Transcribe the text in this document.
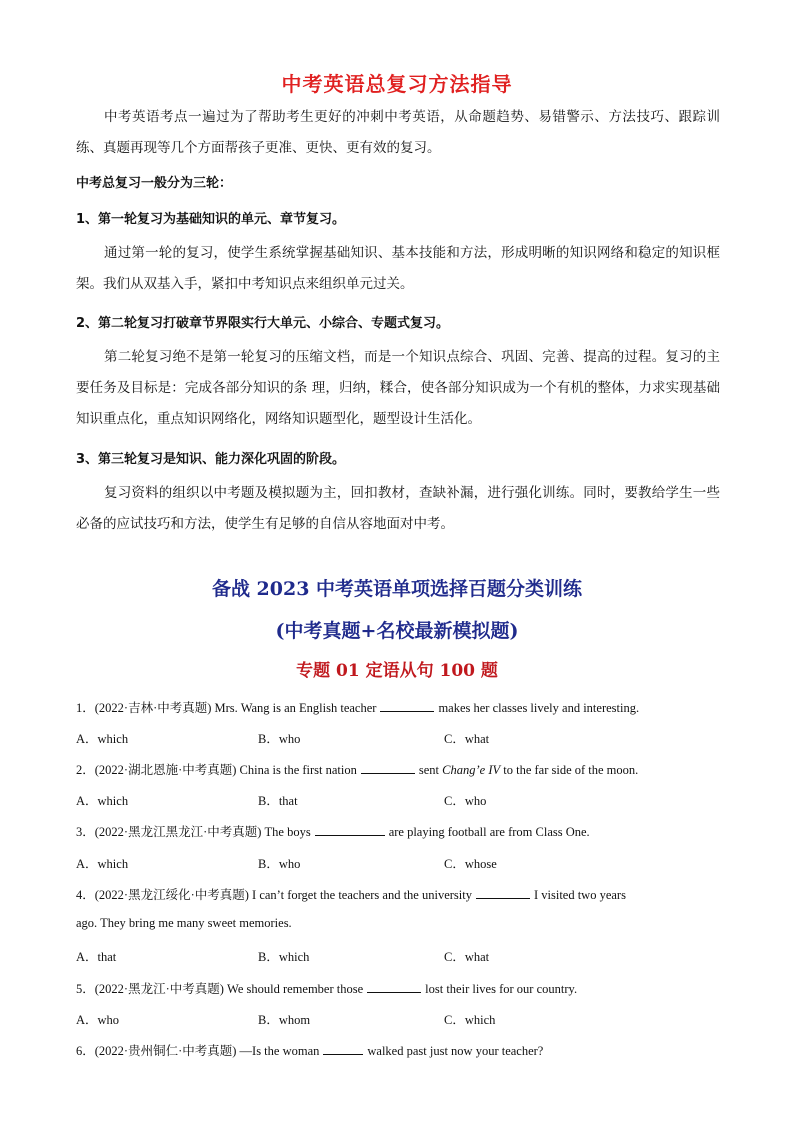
中考英语总复习方法指导
中考英语考点一遍过为了帮助考生更好的冲刺中考英语，从命题趋势、易错警示、方法技巧、跟踪训练、真题再现等几个方面帮孩子更准、更快、更有效的复习。
中考总复习一般分为三轮：
1、第一轮复习为基础知识的单元、章节复习。
通过第一轮的复习，使学生系统掌握基础知识、基本技能和方法，形成明晰的知识网络和稳定的知识框架。我们从双基入手，紧扣中考知识点来组织单元过关。
2、第二轮复习打破章节界限实行大单元、小综合、专题式复习。
第二轮复习绝不是第一轮复习的压缩文档，而是一个知识点综合、巩固、完善、提高的过程。复习的主要任务及目标是：完成各部分知识的条 理，归纳，糅合，使各部分知识成为一个有机的整体，力求实现基础知识重点化，重点知识网络化，网络知识题型化，题型设计生活化。
3、第三轮复习是知识、能力深化巩固的阶段。
复习资料的组织以中考题及模拟题为主，回扣教材，查缺补漏，进行强化训练。同时，要教给学生一些必备的应试技巧和方法，使学生有足够的自信从容地面对中考。
备战 2023 中考英语单项选择百题分类训练
(中考真题+名校最新模拟题)
专题 01 定语从句 100 题
1．(2022·吉林·中考真题) Mrs. Wang is an English teacher	makes her classes lively and interesting.
A．which	B．who	C．what
2．(2022·湖北恩施·中考真题) China is the first nation	sent Chang’e IV to the far side of the moon.
A．which	B．that	C．who
3．(2022·黑龙江黑龙江·中考真题) The boys	are playing football are from Class One.
A．which	B．who	C．whose
4．(2022·黑龙江绥化·中考真题) I can’t forget the teachers and the university	I visited two years
ago. They bring me many sweet memories.
A．that	B．which	C．what
5．(2022·黑龙江·中考真题) We should remember those	lost their lives for our country.
A．who	B．whom	C．which
6．(2022·贵州铜仁·中考真题) —Is the woman	walked past just now your teacher?
